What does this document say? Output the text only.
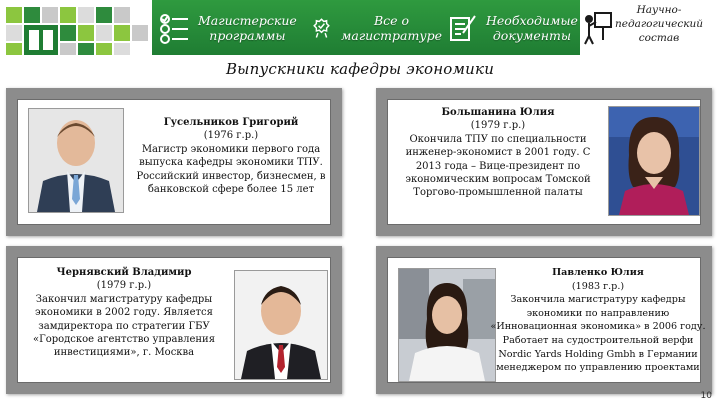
Магистерские
программы
Все о
магистратуре
Необходимые
документы
Научно-
педагогический
состав
Выпускники кафедры экономики
Гусельников Григорий
(1976 г.р.)
Магистр экономики первого года
выпуска кафедры экономики ТПУ.
Российский инвестор, бизнесмен, в
банковской сфере более 15 лет
Большанина Юлия
(1979 г.р.)
Окончила ТПУ по специальности
инженер-экономист в 2001 году. С
2013 года – Вице-президент по
экономическим вопросам Томской
Торгово-промышленной палаты
Чернявский Владимир
(1979 г.р.)
Закончил магистратуру кафедры
экономики в 2002 году. Является
замдиректора по стратегии ГБУ
«Городское агентство управления
инвестициями», г. Москва
Павленко Юлия
(1983 г.р.)
Закончила магистратуру кафедры
экономики по направлению
«Инновационная экономика» в 2006 году.
Работает на судостроительной верфи
Nordic Yards Holding Gmbh в Германии
менеджером по управлению проектами
10
